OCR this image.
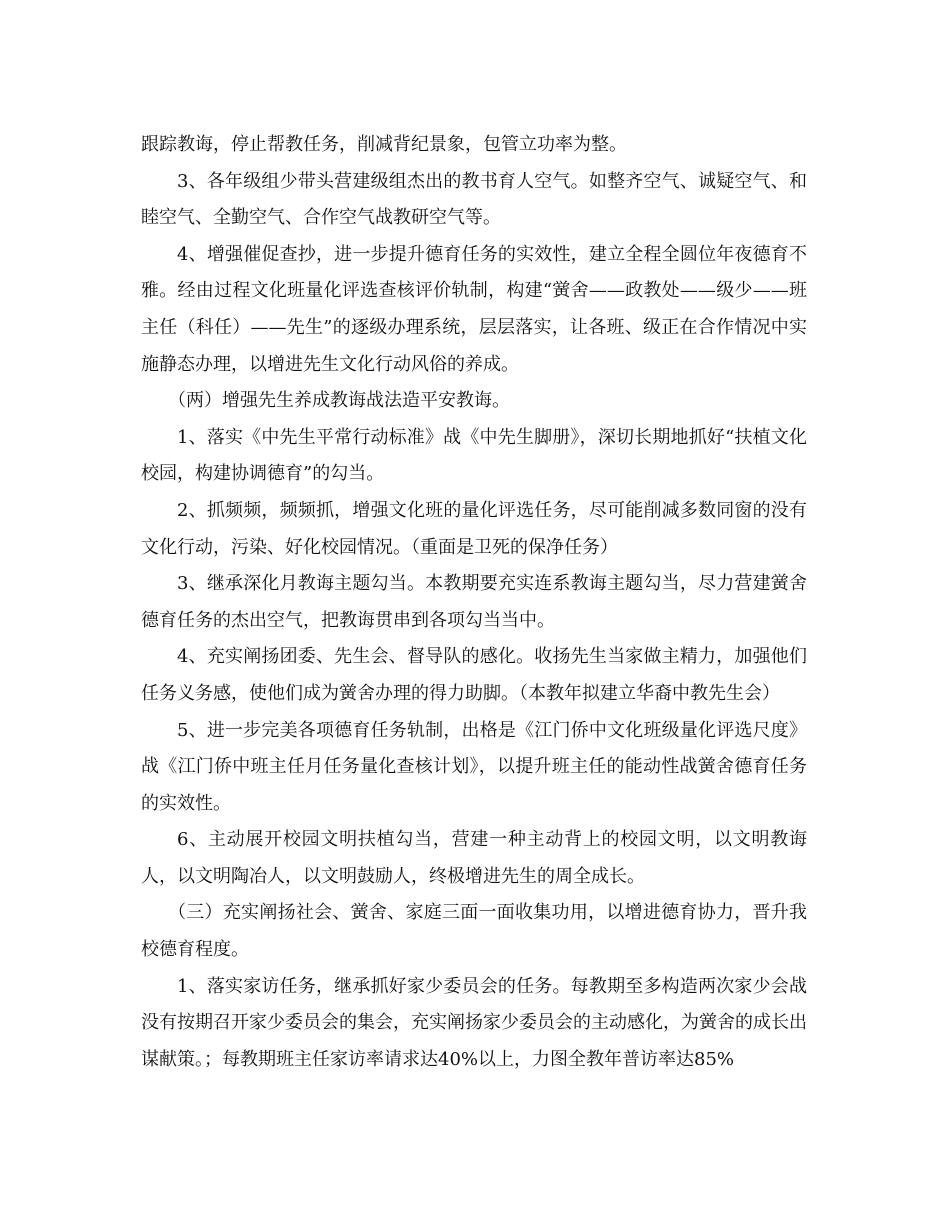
跟踪教诲，停止帮教任务，削减背纪景象，包管立功率为整。

3、各年级组少带头营建级组杰出的教书育人空气。如整齐空气、诚疑空气、和睦空气、全勤空气、合作空气战教研空气等。

4、增强催促查抄，进一步提升德育任务的实效性，建立全程全圆位年夜德育不雅。经由过程文化班量化评选查核评价轨制，构建“黉舍——政教处——级少——班主任（科任）——先生”的逐级办理系统，层层落实，让各班、级正在合作情况中实施静态办理，以增进先生文化行动风俗的养成。

（两）增强先生养成教诲战法造平安教诲。

1、落实《中先生平常行动标准》战《中先生脚册》，深切长期地抓好“扶植文化校园，构建协调德育”的勾当。

2、抓频频，频频抓，增强文化班的量化评选任务，尽可能削减多数同窗的没有文化行动，污染、好化校园情况。（重面是卫死的保净任务）

3、继承深化月教诲主题勾当。本教期要充实连系教诲主题勾当，尽力营建黉舍德育任务的杰出空气，把教诲贯串到各项勾当当中。

4、充实阐扬团委、先生会、督导队的感化。收扬先生当家做主精力，加强他们任务义务感，使他们成为黉舍办理的得力助脚。（本教年拟建立华裔中教先生会）

5、进一步完美各项德育任务轨制，出格是《江门侨中文化班级量化评选尺度》战《江门侨中班主任月任务量化查核计划》，以提升班主任的能动性战黉舍德育任务的实效性。

6、主动展开校园文明扶植勾当，营建一种主动背上的校园文明，以文明教诲人，以文明陶冶人，以文明鼓励人，终极增进先生的周全成长。

（三）充实阐扬社会、黉舍、家庭三面一面收集功用，以增进德育协力，晋升我校德育程度。

1、落实家访任务，继承抓好家少委员会的任务。每教期至多构造两次家少会战没有按期召开家少委员会的集会，充实阐扬家少委员会的主动感化，为黉舍的成长出谋献策。；每教期班主任家访率请求达40%以上，力图全教年普访率达85%
